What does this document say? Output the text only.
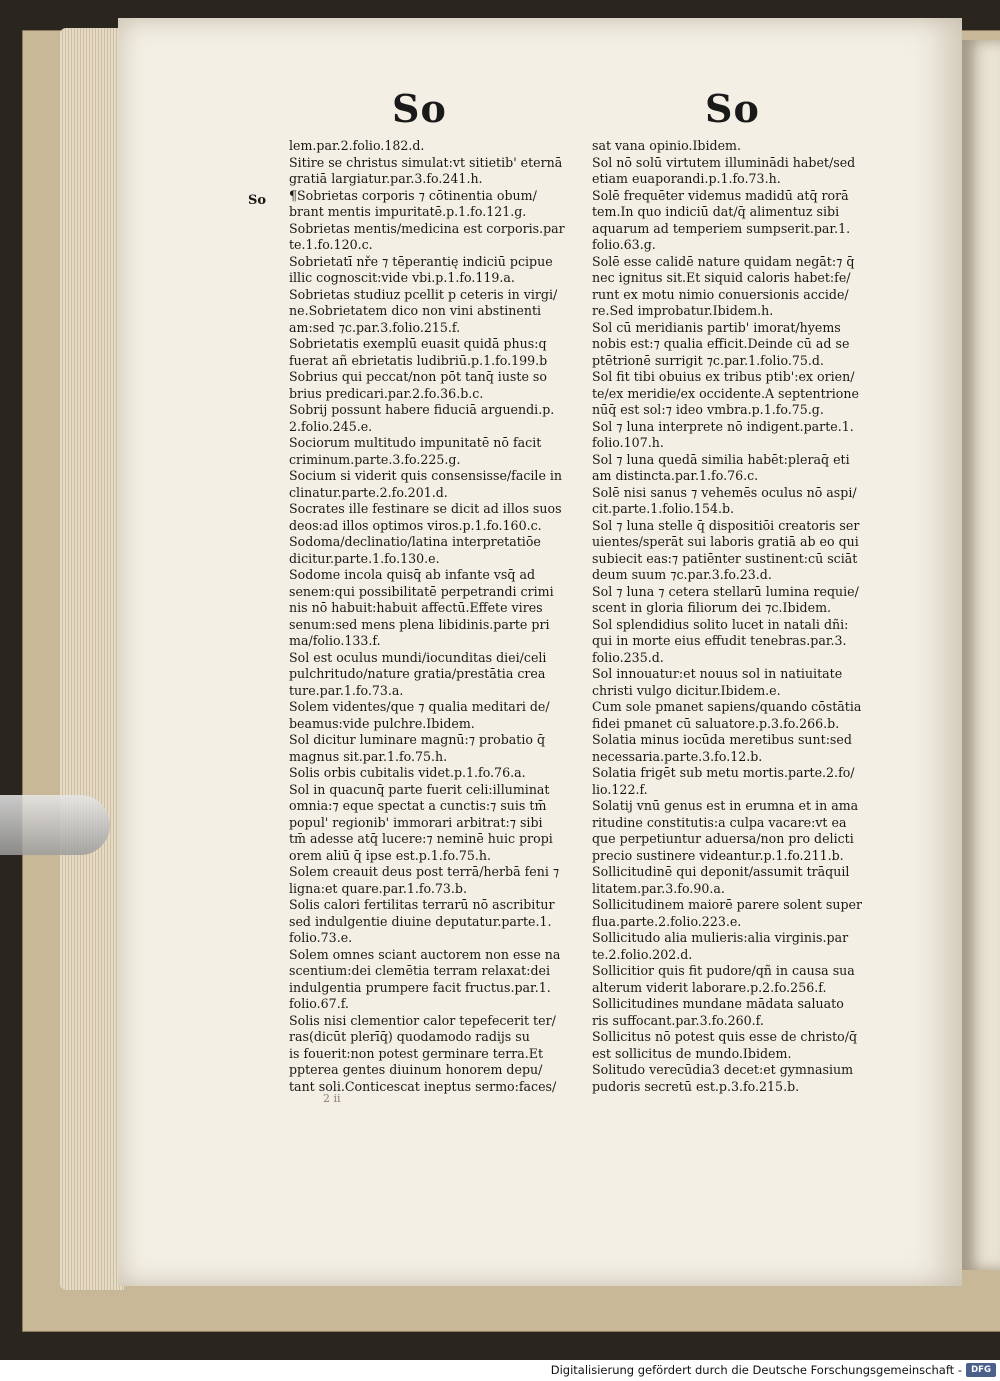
So	So
So
lem.par.2.folio.182.d.
Sitire se christus simulat:vt sitietib' eternā
gratiā largiatur.par.3.fo.241.h.
¶Sobrietas corporis ⁊ cōtinentia obum/
brant mentis impuritatē.p.1.fo.121.g.
Sobrietas mentis/medicina est corporis.par
te.1.fo.120.c.
Sobrietatī nře ⁊ tēperantię indiciū pcipue
illic cognoscit:vide vbi.p.1.fo.119.a.
Sobrietas studiuz pcellit p ceteris in virgi/
ne.Sobrietatem dico non vini abstinenti
am:sed ⁊c.par.3.folio.215.f.
Sobrietatis exemplū euasit quidā phus:q
fuerat añ ebrietatis ludibriū.p.1.fo.199.b
Sobrius qui peccat/non pōt tanq̄ iuste so
brius predicari.par.2.fo.36.b.c.
Sobrij possunt habere fiduciā arguendi.p.
2.folio.245.e.
Sociorum multitudo impunitatē nō facit
criminum.parte.3.fo.225.g.
Socium si viderit quis consensisse/facile in
clinatur.parte.2.fo.201.d.
Socrates ille festinare se dicit ad illos suos
deos:ad illos optimos viros.p.1.fo.160.c.
Sodoma/declinatio/latina interpretatiōe
dicitur.parte.1.fo.130.e.
Sodome incola quisq̄ ab infante vsq̄ ad
senem:qui possibilitatē perpetrandi crimi
nis nō habuit:habuit affectū.Effete vires
senum:sed mens plena libidinis.parte pri
ma/folio.133.f.
Sol est oculus mundi/iocunditas diei/celi
pulchritudo/nature gratia/prestātia crea
ture.par.1.fo.73.a.
Solem videntes/que ⁊ qualia meditari de/
beamus:vide pulchre.Ibidem.
Sol dicitur luminare magnū:⁊ probatio q̄
magnus sit.par.1.fo.75.h.
Solis orbis cubitalis videt.p.1.fo.76.a.
Sol in quacunq̄ parte fuerit celi:illuminat
omnia:⁊ eque spectat a cunctis:⁊ suis tm̄
popul' regionib' immorari arbitrat:⁊ sibi
tm̄ adesse atq̄ lucere:⁊ neminē huic propi
orem aliū q̄ ipse est.p.1.fo.75.h.
Solem creauit deus post terrā/herbā feni ⁊
ligna:et quare.par.1.fo.73.b.
Solis calori fertilitas terrarū nō ascribitur
sed indulgentie diuine deputatur.parte.1.
folio.73.e.
Solem omnes sciant auctorem non esse na
scentium:dei clemētia terram relaxat:dei
indulgentia prumpere facit fructus.par.1.
folio.67.f.
Solis nisi clementior calor tepefecerit ter/
ras(dicūt plerīq̄) quodamodo radijs su
is fouerit:non potest germinare terra.Et
ppterea gentes diuinum honorem depu/
tant soli.Conticescat ineptus sermo:faces/
sat vana opinio.Ibidem.
Sol nō solū virtutem illuminādi habet/sed
etiam euaporandi.p.1.fo.73.h.
Solē frequēter videmus madidū atq̄ rorā
tem.In quo indiciū dat/q̄ alimentuz sibi
aquarum ad temperiem sumpserit.par.1.
folio.63.g.
Solē esse calidē nature quidam negāt:⁊ q̄
nec ignitus sit.Et siquid caloris habet:fe/
runt ex motu nimio conuersionis accide/
re.Sed improbatur.Ibidem.h.
Sol cū meridianis partib' imorat/hyems
nobis est:⁊ qualia efficit.Deinde cū ad se
ptētrionē surrigit ⁊c.par.1.folio.75.d.
Sol fit tibi obuius ex tribus ptib':ex orien/
te/ex meridie/ex occidente.A septentrione
nūq̄ est sol:⁊ ideo vmbra.p.1.fo.75.g.
Sol ⁊ luna interprete nō indigent.parte.1.
folio.107.h.
Sol ⁊ luna quedā similia habēt:pleraq̄ eti
am distincta.par.1.fo.76.c.
Solē nisi sanus ⁊ vehemēs oculus nō aspi/
cit.parte.1.folio.154.b.
Sol ⁊ luna stelle q̄ dispositiōi creatoris ser
uientes/sperāt sui laboris gratiā ab eo qui
subiecit eas:⁊ patiēnter sustinent:cū sciāt
deum suum ⁊c.par.3.fo.23.d.
Sol ⁊ luna ⁊ cetera stellarū lumina requie/
scent in gloria filiorum dei ⁊c.Ibidem.
Sol splendidius solito lucet in natali dñi:
qui in morte eius effudit tenebras.par.3.
folio.235.d.
Sol innouatur:et nouus sol in natiuitate
christi vulgo dicitur.Ibidem.e.
Cum sole pmanet sapiens/quando cōstātia
fidei pmanet cū saluatore.p.3.fo.266.b.
Solatia minus iocūda meretibus sunt:sed
necessaria.parte.3.fo.12.b.
Solatia frigēt sub metu mortis.parte.2.fo/
lio.122.f.
Solatij vnū genus est in erumna et in ama
ritudine constitutis:a culpa vacare:vt ea
que perpetiuntur aduersa/non pro delicti
precio sustinere videantur.p.1.fo.211.b.
Sollicitudinē qui deponit/assumit trāquil
litatem.par.3.fo.90.a.
Sollicitudinem maiorē parere solent super
flua.parte.2.folio.223.e.
Sollicitudo alia mulieris:alia virginis.par
te.2.folio.202.d.
Sollicitior quis fit pudore/qñ in causa sua
alterum viderit laborare.p.2.fo.256.f.
Sollicitudines mundane mādata saluato
ris suffocant.par.3.fo.260.f.
Sollicitus nō potest quis esse de christo/q̄
est sollicitus de mundo.Ibidem.
Solitudo verecūdia3 decet:et gymnasium
pudoris secretū est.p.3.fo.215.b.
2 ii
Digitalisierung gefördert durch die Deutsche Forschungsgemeinschaft -	DFG
